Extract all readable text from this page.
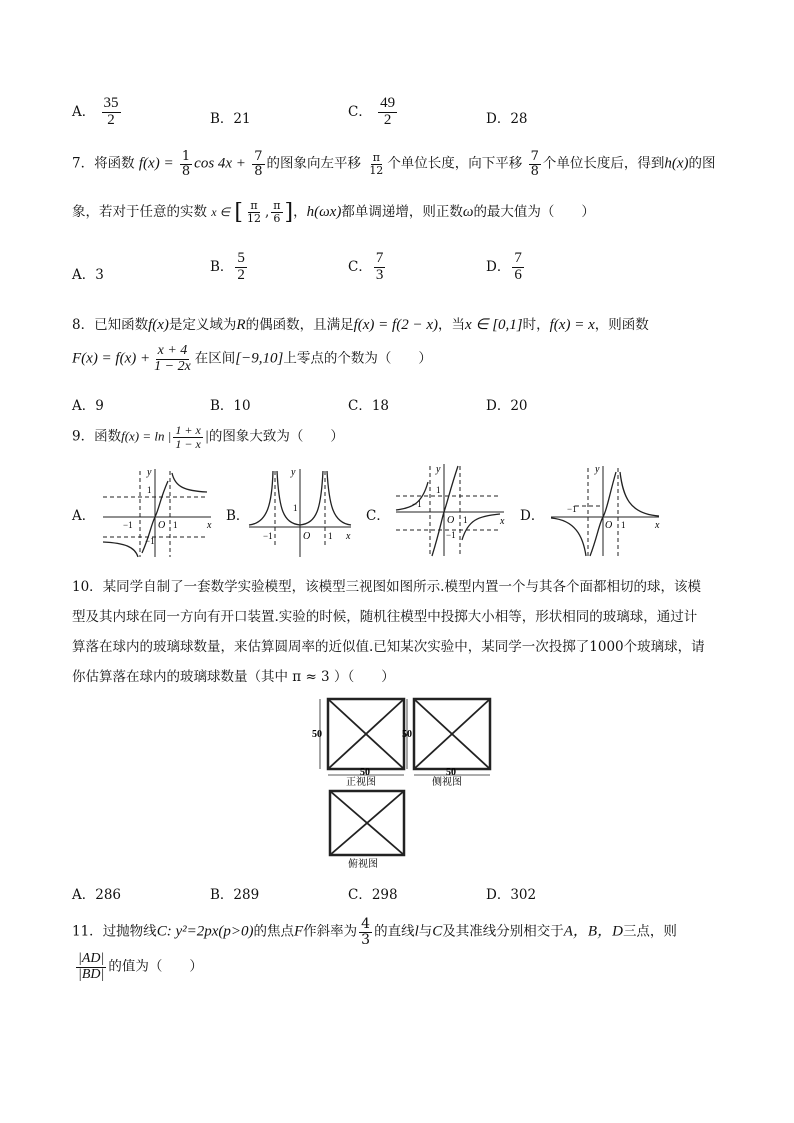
A． $\frac{35}{2}$	B．21	C． $\frac{49}{2}$	D．28
7．将函数 $f(x) = \frac{1}{8}$ $\cos 4x + \frac{7}{8}$ 的图象向左平移 $\frac{\pi}{12}$ 个单位长度，向下平移 $\frac{7}{8}$ 个单位长度后，得到h(x)的图
象，若对于任意的实数 x ∈ [ $\frac{\pi}{12}$ , $\frac{\pi}{6}$ ]，h(ωx)都单调递增，则正数ω的最大值为（　　）
A．3
B． $\frac{5}{2}$	C． $\frac{7}{3}$	D． $\frac{7}{6}$
8．已知函数f(x)是定义域为R的偶函数，且满足f(x) = f(2 − x)，当x ∈ [0,1]时，f(x) = x，则函数
$F(x) = f(x) + \frac{x + 4}{1 - 2x}$ 在区间[−9,10]上零点的个数为（　　）
A．9	B．10	C．18	D．20
9．函数f(x) = ln | $\frac{1 + x}{1 - x}$ |的图象大致为（　　）
A．	B．	C．	D．
y
x
O 1
1
−1
−1
y
x
O 1
−1
1
y
x
O 1
1
−1
−1
y
x
O 1
−1
10．某同学自制了一套数学实验模型，该模型三视图如图所示.模型内置一个与其各个面都相切的球，该模
型及其内球在同一方向有开口装置.实验的时候，随机往模型中投掷大小相等，形状相同的玻璃球，通过计
算落在球内的玻璃球数量，来估算圆周率的近似值.已知某次实验中，某同学一次投掷了1000个玻璃球，请
你估算落在球内的玻璃球数量（其中 π ≈ 3 ）（　　）
50
50
正视图
50
50
侧视图
俯视图
A．286	B．289	C．298	D．302
11．过抛物线C: y²=2px(p>0)的焦点F作斜率为 $\frac{4}{3}$ 的直线l与C及其准线分别相交于A，B，D三点，则
$\frac{|AD|}{|BD|}$ 的值为（　　）
